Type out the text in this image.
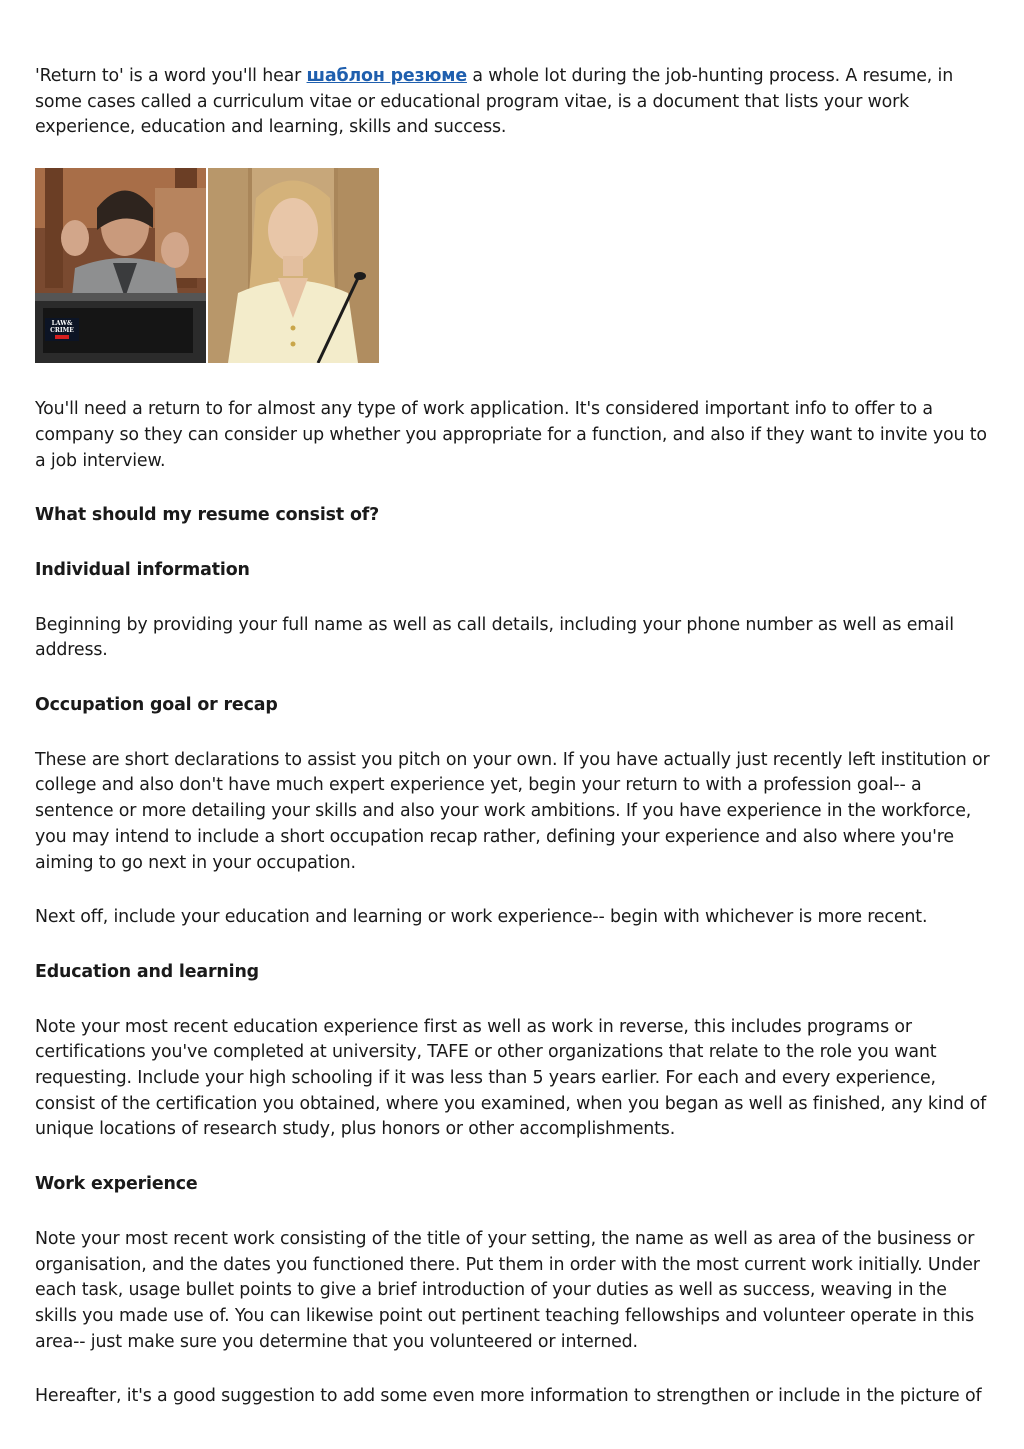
'Return to' is a word you'll hear шаблон резюме a whole lot during the job-hunting process. A resume, in some cases called a curriculum vitae or educational program vitae, is a document that lists your work experience, education and learning, skills and success.

LAW&
CRIME

You'll need a return to for almost any type of work application. It's considered important info to offer to a company so they can consider up whether you appropriate for a function, and also if they want to invite you to a job interview.

What should my resume consist of?

Individual information

Beginning by providing your full name as well as call details, including your phone number as well as email address.

Occupation goal or recap

These are short declarations to assist you pitch on your own. If you have actually just recently left institution or college and also don't have much expert experience yet, begin your return to with a profession goal-- a sentence or more detailing your skills and also your work ambitions. If you have experience in the workforce, you may intend to include a short occupation recap rather, defining your experience and also where you're aiming to go next in your occupation.

Next off, include your education and learning or work experience-- begin with whichever is more recent.

Education and learning

Note your most recent education experience first as well as work in reverse, this includes programs or certifications you've completed at university, TAFE or other organizations that relate to the role you want requesting. Include your high schooling if it was less than 5 years earlier. For each and every experience, consist of the certification you obtained, where you examined, when you began as well as finished, any kind of unique locations of research study, plus honors or other accomplishments.

Work experience

Note your most recent work consisting of the title of your setting, the name as well as area of the business or organisation, and the dates you functioned there. Put them in order with the most current work initially. Under each task, usage bullet points to give a brief introduction of your duties as well as success, weaving in the skills you made use of. You can likewise point out pertinent teaching fellowships and volunteer operate in this area-- just make sure you determine that you volunteered or interned.

Hereafter, it's a good suggestion to add some even more information to strengthen or include in the picture of
